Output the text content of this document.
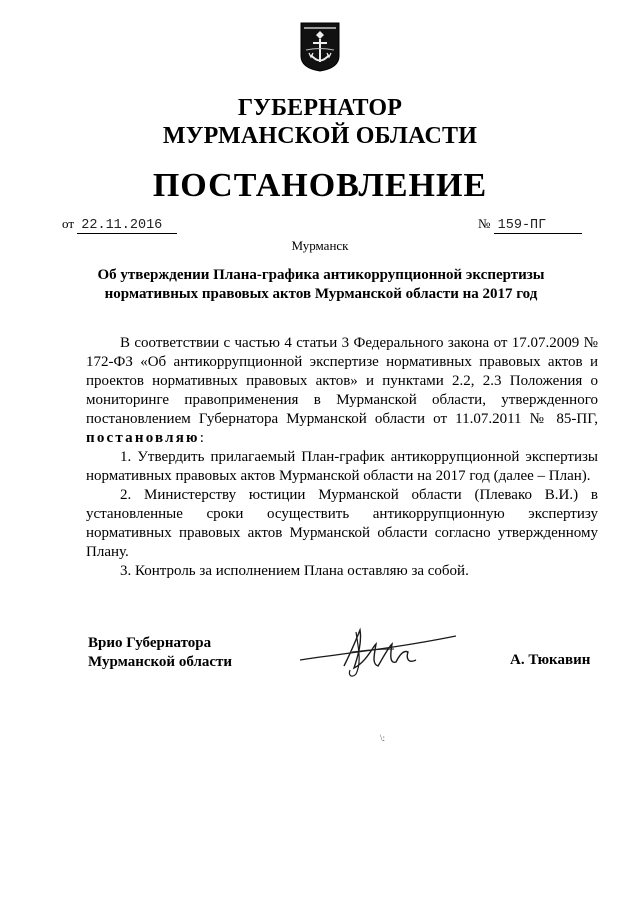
ГУБЕРНАТОР
МУРМАНСКОЙ ОБЛАСТИ
ПОСТАНОВЛЕНИЕ
от 22.11.2016	№ 159-ПГ
Мурманск
Об утверждении Плана-графика антикоррупционной экспертизы
нормативных правовых актов Мурманской области на 2017 год

В соответствии с частью 4 статьи 3 Федерального закона от 17.07.2009 № 172-ФЗ «Об антикоррупционной экспертизе нормативных правовых актов и проектов нормативных правовых актов» и пунктами 2.2, 2.3 Положения о мониторинге правоприменения в Мурманской области, утвержденного постановлением Губернатора Мурманской области от 11.07.2011 № 85-ПГ, постановляю:

1. Утвердить прилагаемый План-график антикоррупционной экспертизы нормативных правовых актов Мурманской области на 2017 год (далее – План).

2. Министерству юстиции Мурманской области (Плевако В.И.) в установленные сроки осуществить антикоррупционную экспертизу нормативных правовых актов Мурманской области согласно утвержденному Плану.

3. Контроль за исполнением Плана оставляю за собой.

Врио Губернатора
Мурманской области	А. Тюкавин
\:
